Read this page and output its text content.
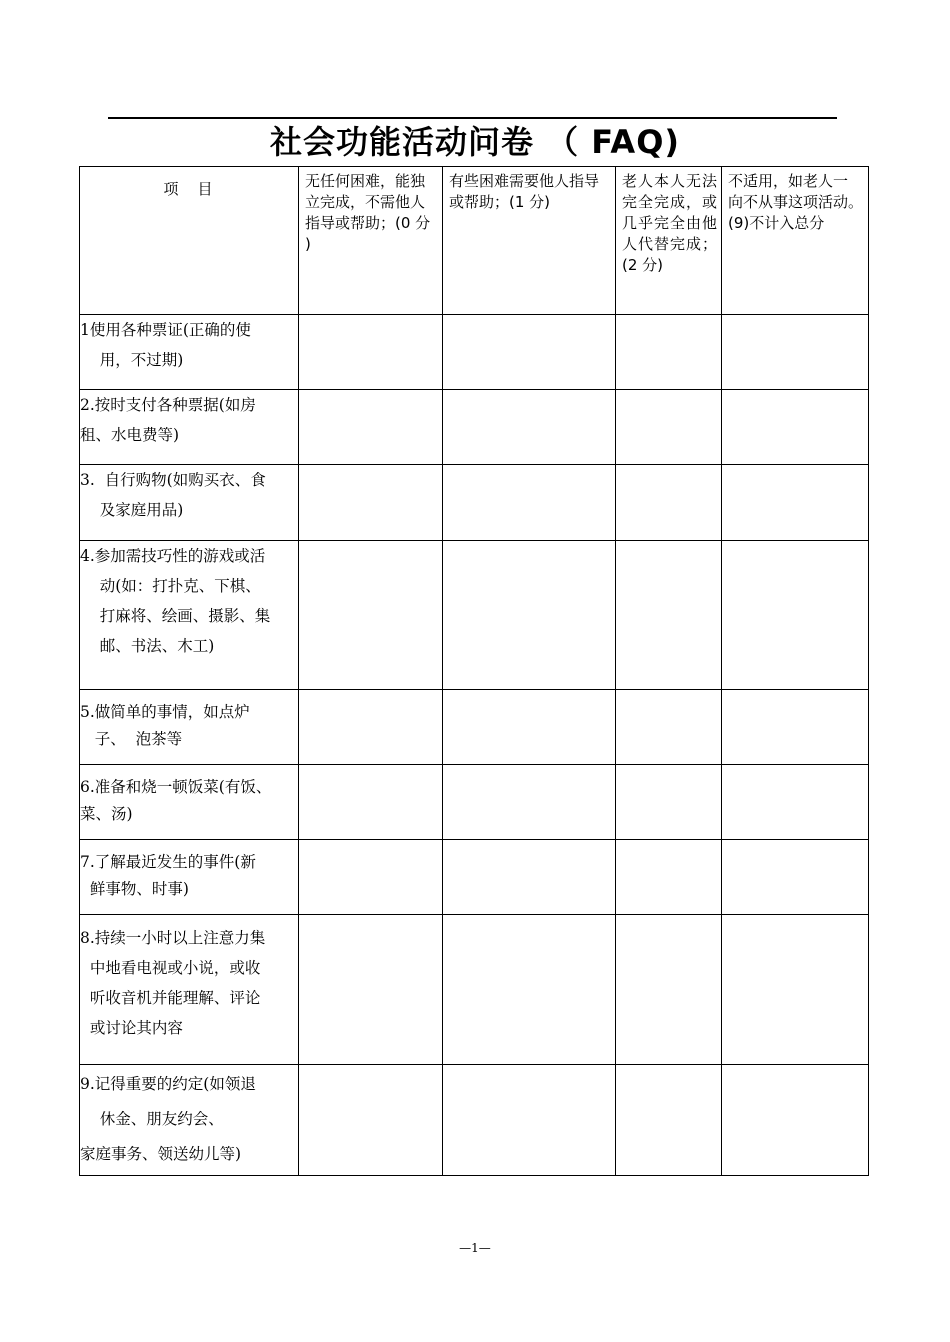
社会功能活动问卷 （ FAQ)
项　目	无任何困难，能独立完成，不需他人　指导或帮助；(0 分 )	有些困难需要他人指导或帮助；(1 分)	老人本人无法完全完成，或几乎完全由他人代替完成；(2 分)	不适用，如老人一　向不从事这项活动。(9)不计入总分

1使用各种票证(正确的使
用，不过期)				

2.按时支付各种票据(如房
租、水电费等)				

3.  自行购物(如购买衣、食
及家庭用品)				

4.参加需技巧性的游戏或活
动(如：打扑克、下棋、
打麻将、绘画、摄影、集
邮、书法、木工)				

5.做简单的事情，如点炉
子、  泡茶等				

6.准备和烧一顿饭菜(有饭、
菜、汤)				

7.了解最近发生的事件(新
鲜事物、时事)				

8.持续一小时以上注意力集
中地看电视或小说，或收
听收音机并能理解、评论
或讨论其内容				

9.记得重要的约定(如领退
休金、朋友约会、
家庭事务、领送幼儿等)				

—1—
